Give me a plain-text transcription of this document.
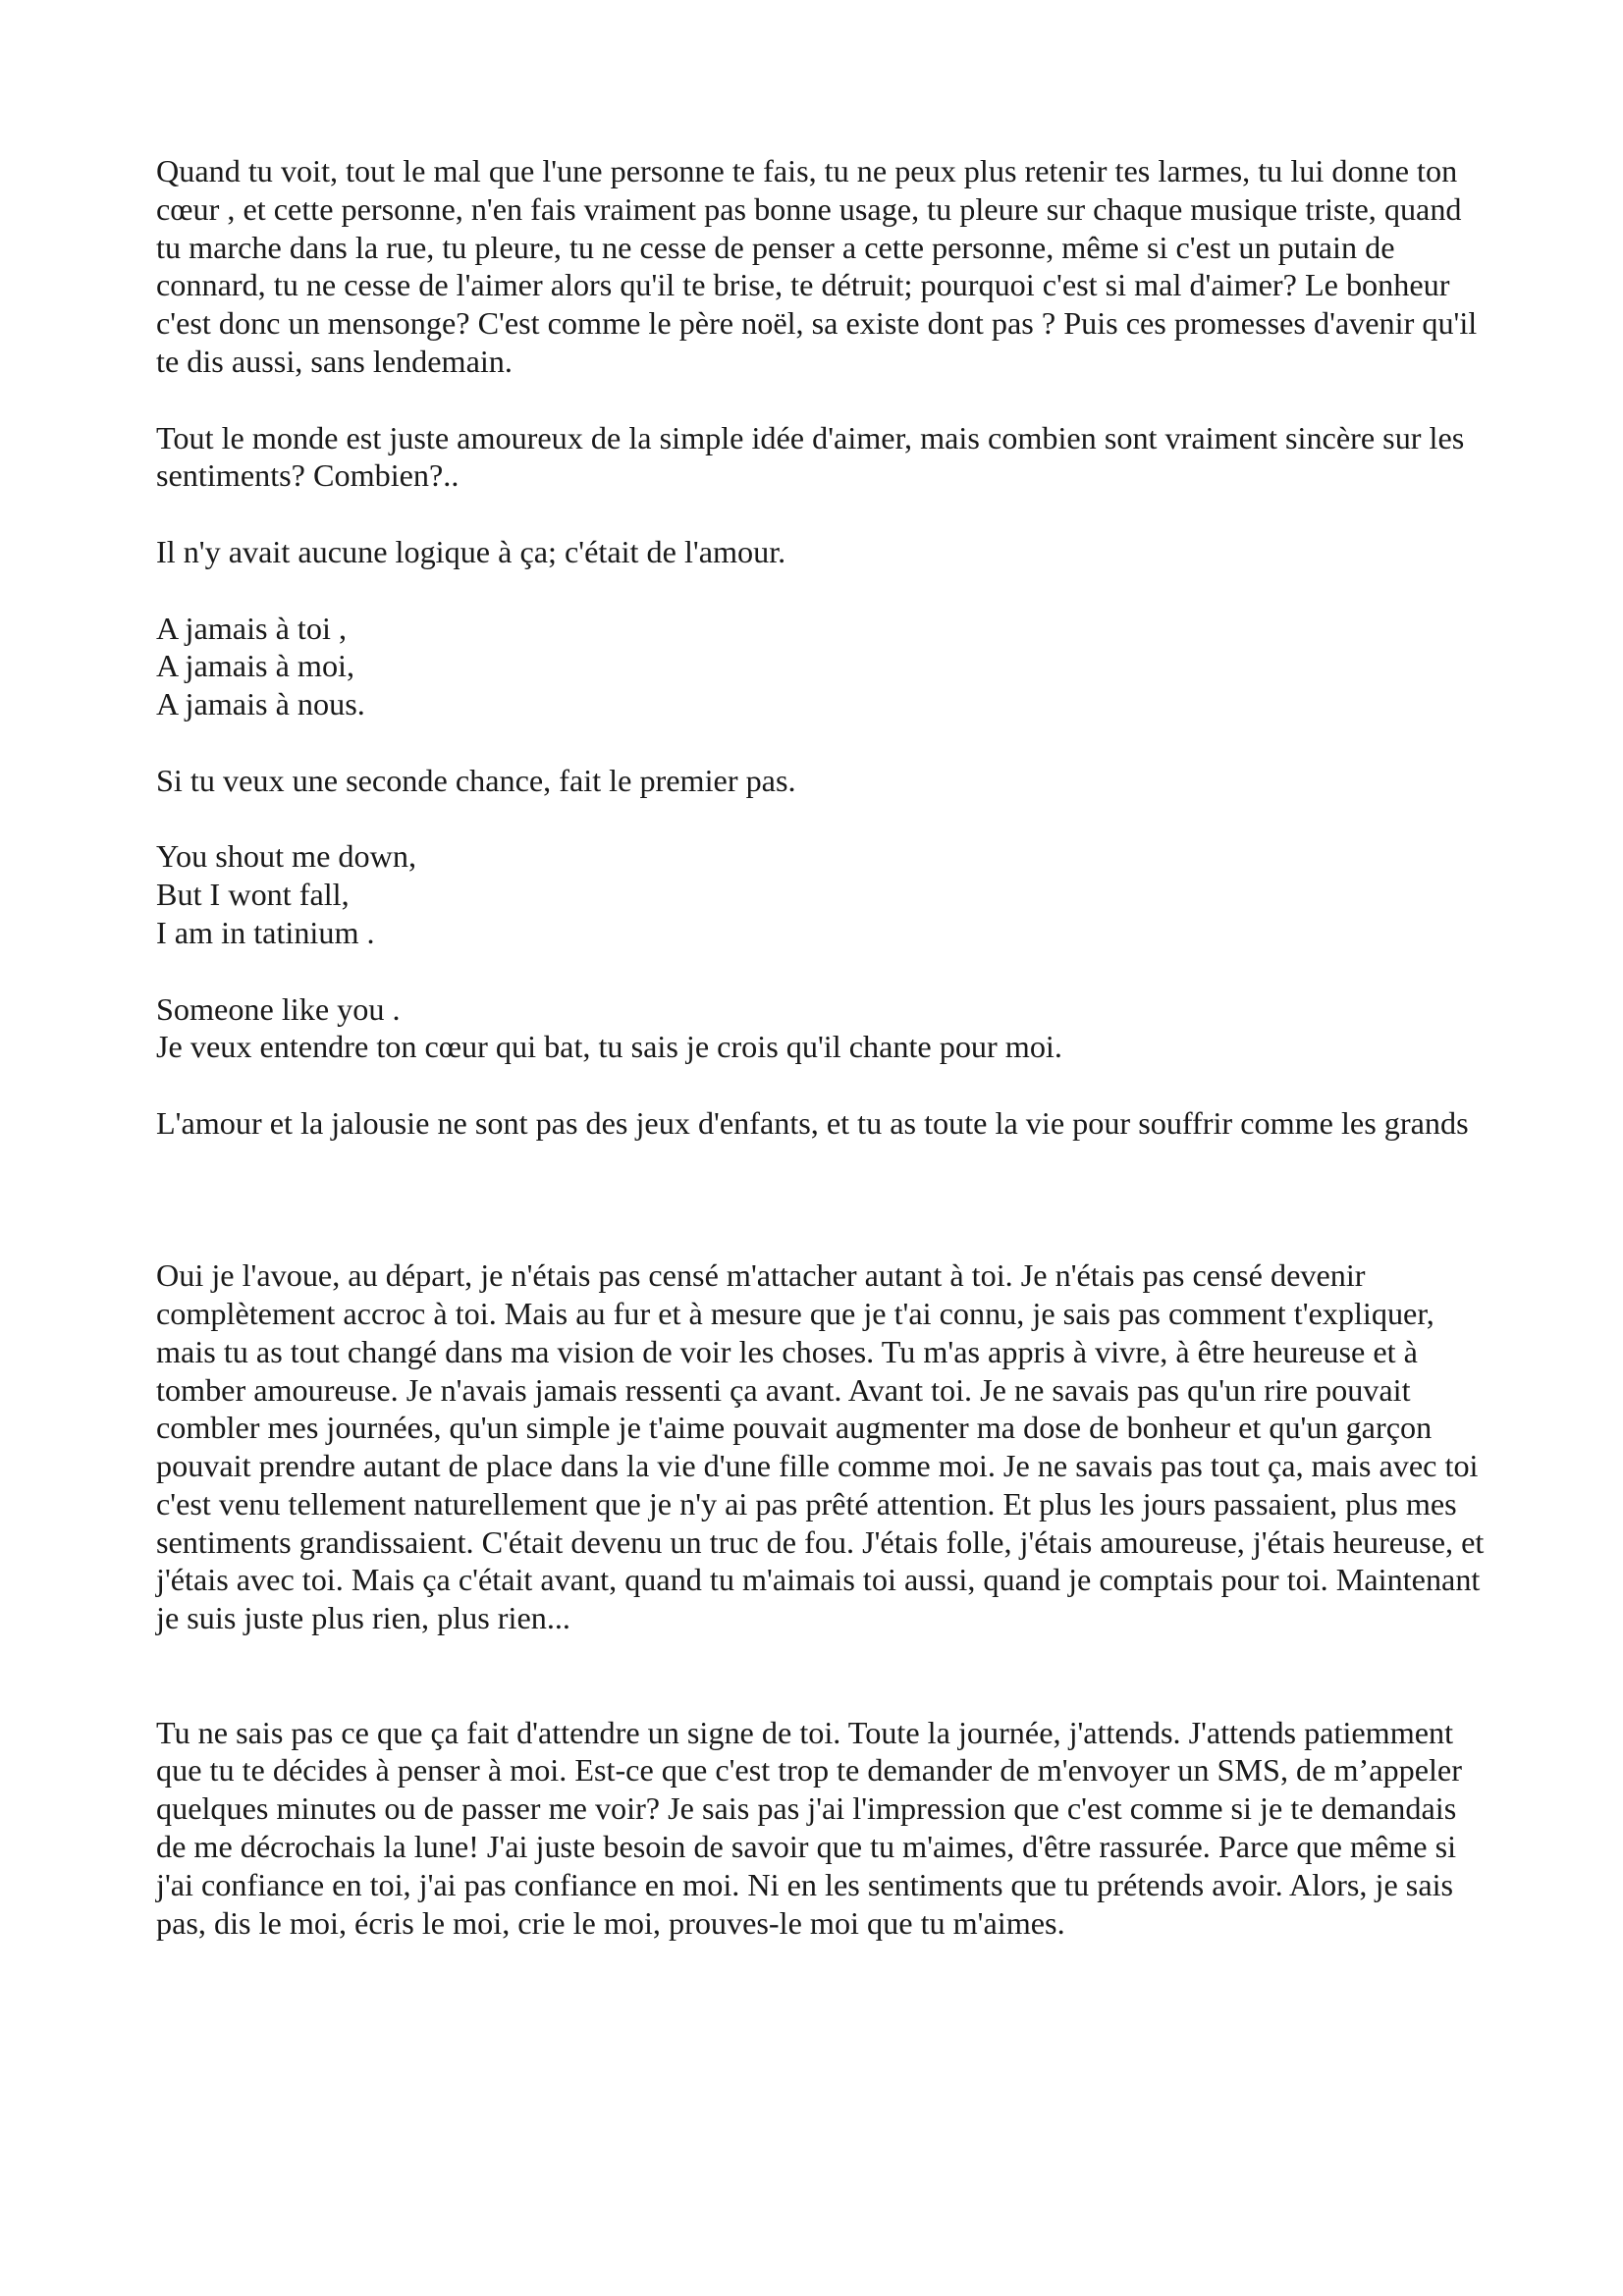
Quand tu voit, tout le mal que l'une personne te fais, tu ne peux plus retenir tes larmes, tu lui donne ton cœur , et cette personne, n'en fais vraiment pas bonne usage, tu pleure sur chaque musique triste, quand tu marche dans la rue, tu pleure, tu ne cesse de penser a cette personne, même si c'est un putain de connard, tu ne cesse de l'aimer alors qu'il te brise, te détruit; pourquoi c'est si mal d'aimer? Le bonheur c'est donc un mensonge? C'est comme le père noël, sa existe dont pas ? Puis ces promesses d'avenir qu'il te dis aussi, sans lendemain.

Tout le monde est juste amoureux de la simple idée d'aimer, mais combien sont vraiment sincère sur les sentiments? Combien?..

Il n'y avait aucune logique à ça; c'était de l'amour.

A jamais à toi ,
A jamais à moi,
A jamais à nous.

Si tu veux une seconde chance, fait le premier pas.

You shout me down,
But I wont fall,
I am in tatinium .

Someone like you .
Je veux entendre ton cœur qui bat, tu sais je crois qu'il chante pour moi.

L'amour et la jalousie ne sont pas des jeux d'enfants, et tu as toute la vie pour souffrir comme les grands

Oui je l'avoue, au départ, je n'étais pas censé m'attacher autant à toi. Je n'étais pas censé devenir complètement accroc à toi. Mais au fur et à mesure que je t'ai connu, je sais pas comment t'expliquer, mais tu as tout changé dans ma vision de voir les choses. Tu m'as appris à vivre, à être heureuse et à tomber amoureuse. Je n'avais jamais ressenti ça avant. Avant toi. Je ne savais pas qu'un rire pouvait combler mes journées, qu'un simple je t'aime pouvait augmenter ma dose de bonheur et qu'un garçon pouvait prendre autant de place dans la vie d'une fille comme moi. Je ne savais pas tout ça, mais avec toi c'est venu tellement naturellement que je n'y ai pas prêté attention. Et plus les jours passaient, plus mes sentiments grandissaient. C'était devenu un truc de fou. J'étais folle, j'étais amoureuse, j'étais heureuse, et j'étais avec toi. Mais ça c'était avant, quand tu m'aimais toi aussi, quand je comptais pour toi. Maintenant je suis juste plus rien, plus rien...

Tu ne sais pas ce que ça fait d'attendre un signe de toi. Toute la journée, j'attends. J'attends patiemment que tu te décides à penser à moi. Est-ce que c'est trop te demander de m'envoyer un SMS, de m’appeler quelques minutes ou de passer me voir? Je sais pas j'ai l'impression que c'est comme si je te demandais de me décrochais la lune! J'ai juste besoin de savoir que tu m'aimes, d'être rassurée. Parce que même si j'ai confiance en toi, j'ai pas confiance en moi. Ni en les sentiments que tu prétends avoir. Alors, je sais pas, dis le moi, écris le moi, crie le moi, prouves-le moi que tu m'aimes.
